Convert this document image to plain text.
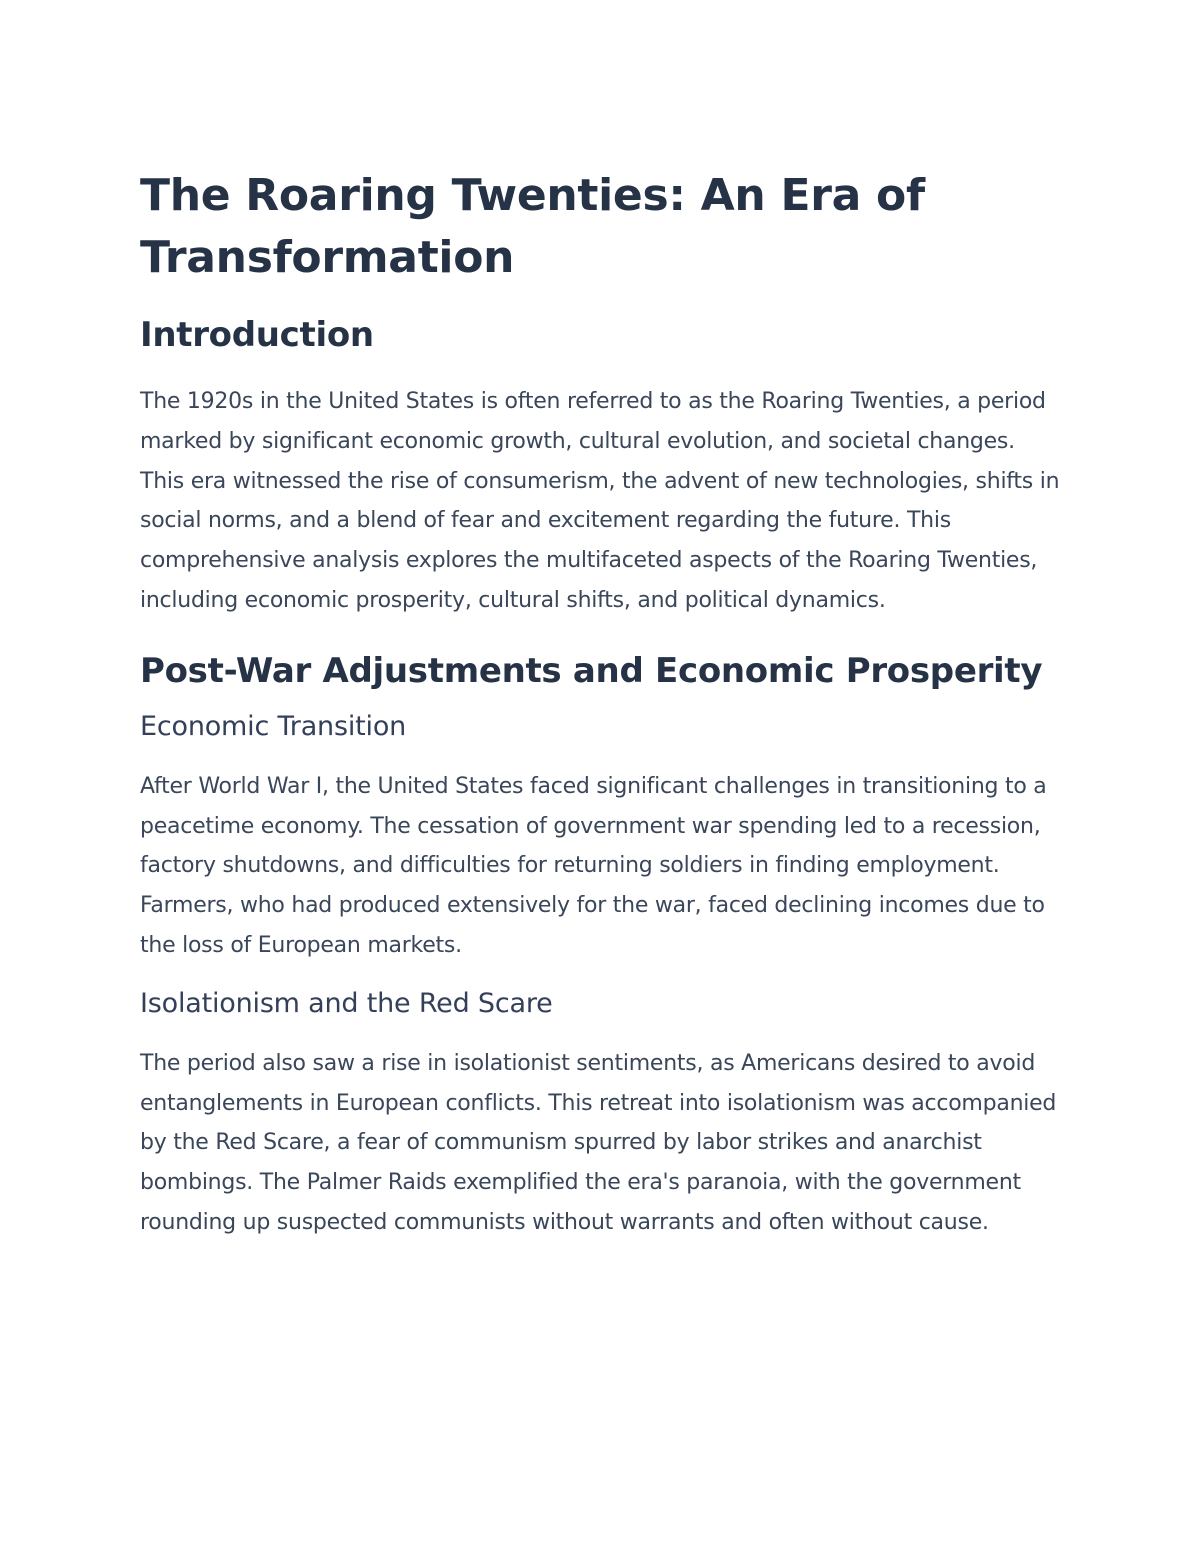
The Roaring Twenties: An Era of Transformation
Introduction

The 1920s in the United States is often referred to as the Roaring Twenties, a period marked by significant economic growth, cultural evolution, and societal changes. This era witnessed the rise of consumerism, the advent of new technologies, shifts in social norms, and a blend of fear and excitement regarding the future. This comprehensive analysis explores the multifaceted aspects of the Roaring Twenties, including economic prosperity, cultural shifts, and political dynamics.

Post-War Adjustments and Economic Prosperity
Economic Transition

After World War I, the United States faced significant challenges in transitioning to a peacetime economy. The cessation of government war spending led to a recession, factory shutdowns, and difficulties for returning soldiers in finding employment. Farmers, who had produced extensively for the war, faced declining incomes due to the loss of European markets.

Isolationism and the Red Scare

The period also saw a rise in isolationist sentiments, as Americans desired to avoid entanglements in European conflicts. This retreat into isolationism was accompanied by the Red Scare, a fear of communism spurred by labor strikes and anarchist bombings. The Palmer Raids exemplified the era's paranoia, with the government rounding up suspected communists without warrants and often without cause.
